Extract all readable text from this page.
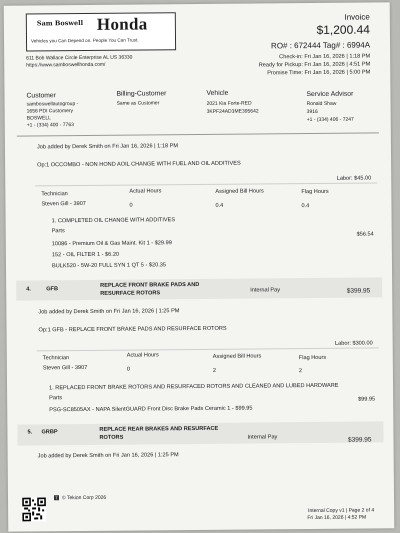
Sam Boswell Honda
Vehicles you Can Depend on. People You Can Trust.
611 Bob Wallace Circle Enterprise AL US 36330
https://www.samboswellhonda.com/
Invoice
$1,200.44
RO# : 672444 Tag# : 6994A
Check-in: Fri Jan 16, 2026 | 1:18 PM
Ready for Pickup: Fri Jan 16, 2026 | 4:51 PM
Promise Time: Fri Jan 16, 2026 | 5:00 PM
Customer
samboswellautogroup -
1656 PDI Customery
BOSWELL
+1 - (334) 400 - 7763
Billing-Customer
Same as Customer
Vehicle
2021 Kia Forte-RED
3KPF24AD3ME395642
Service Advisor
Ronald Shaw
3916
+1 - (334) 406 - 7247
Job added by Derek Smith on Fri Jan 16, 2026 | 1:18 PM
Op:1 OCCOMBO - NON HOND AOIL CHANGE WITH FUEL AND OIL ADDITIVES
Labor: $45.00
Technician	Actual Hours	Assigned Bill Hours	Flag Hours
Steven Gill - 3907	0	0.4	0.4
1. COMPLETED OIL CHANGE WITH ADDITIVES
Parts
$56.54
10086 - Premium Oil & Gas Maint. Kit 1 - $29.99
152 - OIL FILTER 1 - $6.20
BULK520 - 5W-20 FULL SYN 1 QT 5 - $20.35
4.	GFB
REPLACE FRONT BRAKE PADS AND
RESURFACE ROTORS	Internal Pay	$399.95
Job added by Derek Smith on Fri Jan 16, 2026 | 1:25 PM
Op:1 GFB - REPLACE FRONT BRAKE PADS AND RESURFACE ROTORS
Labor: $300.00
Technician	Actual Hours	Assigned Bill Hours	Flag Hours
Steven Gill - 3907	0	2	2
1. REPLACED FRONT BRAKE ROTORS AND RESURFACED ROTORS AND CLEANED AND LUBED HARDWARE
Parts	$99.95
PSG-SC8505AX - NAPA SilentGUARD Front Disc Brake Pads Ceramic 1 - $99.95
5. GRBP	REPLACE REAR BRAKES AND RESURFACE
ROTORS	Internal Pay	$399.95
Job added by Derek Smith on Fri Jan 16, 2026 | 1:25 PM
T © Tekion Corp 2026
Internal Copy v1 | Page 2 of 4
Fri Jan 16, 2026 | 4:52 PM
